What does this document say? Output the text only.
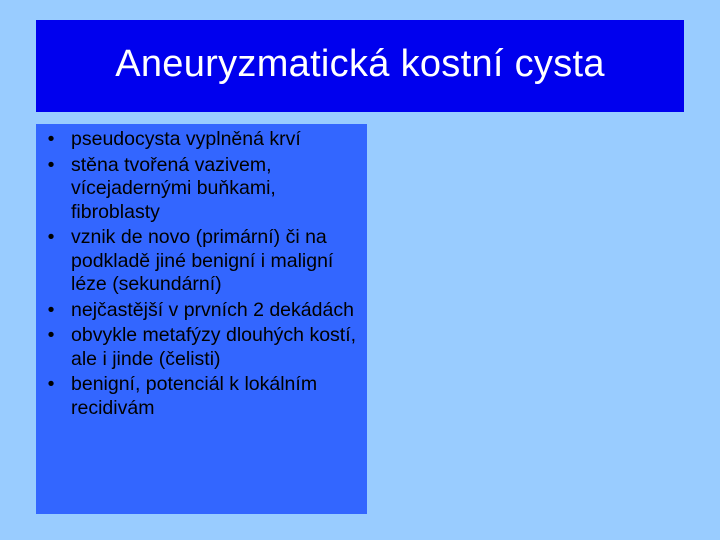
Aneuryzmatická kostní cysta
• pseudocysta vyplněná krví
• stěna tvořená vazivem, vícejadernými buňkami, fibroblasty
• vznik de novo (primární) či na podkladě jiné benigní i maligní léze (sekundární)
• nejčastější v prvních 2 dekádách
• obvykle metafýzy dlouhých kostí, ale i jinde (čelisti)
• benigní, potenciál k lokálním recidivám
